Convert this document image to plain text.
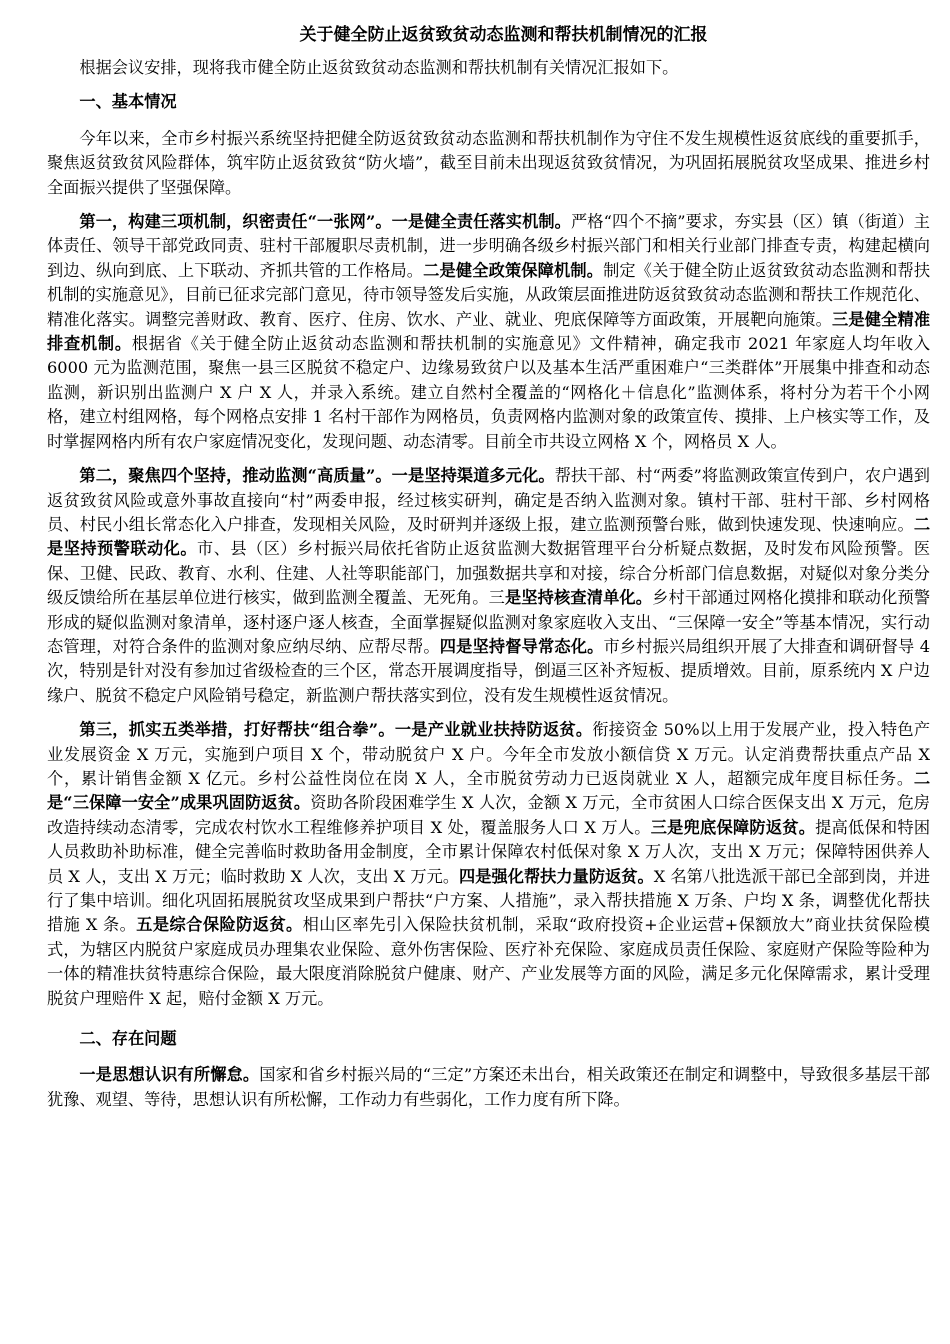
关于健全防止返贫致贫动态监测和帮扶机制情况的汇报

根据会议安排，现将我市健全防止返贫致贫动态监测和帮扶机制有关情况汇报如下。

一、基本情况

今年以来，全市乡村振兴系统坚持把健全防返贫致贫动态监测和帮扶机制作为守住不发生规模性返贫底线的重要抓手，聚焦返贫致贫风险群体，筑牢防止返贫致贫“防火墙”，截至目前未出现返贫致贫情况，为巩固拓展脱贫攻坚成果、推进乡村全面振兴提供了坚强保障。

第一，构建三项机制，织密责任“一张网”。一是健全责任落实机制。严格“四个不摘”要求，夯实县（区）镇（街道）主体责任、领导干部党政同责、驻村干部履职尽责机制，进一步明确各级乡村振兴部门和相关行业部门排查专责，构建起横向到边、纵向到底、上下联动、齐抓共管的工作格局。二是健全政策保障机制。制定《关于健全防止返贫致贫动态监测和帮扶机制的实施意见》，目前已征求完部门意见，待市领导签发后实施，从政策层面推进防返贫致贫动态监测和帮扶工作规范化、精准化落实。调整完善财政、教育、医疗、住房、饮水、产业、就业、兜底保障等方面政策，开展靶向施策。三是健全精准排查机制。根据省《关于健全防止返贫动态监测和帮扶机制的实施意见》文件精神，确定我市 2021 年家庭人均年收入 6000 元为监测范围，聚焦一县三区脱贫不稳定户、边缘易致贫户以及基本生活严重困难户“三类群体”开展集中排查和动态监测，新识别出监测户 X 户 X 人，并录入系统。建立自然村全覆盖的“网格化＋信息化”监测体系，将村分为若干个小网格，建立村组网格，每个网格点安排 1 名村干部作为网格员，负责网格内监测对象的政策宣传、摸排、上户核实等工作，及时掌握网格内所有农户家庭情况变化，发现问题、动态清零。目前全市共设立网格 X 个，网格员 X 人。

第二，聚焦四个坚持，推动监测“高质量”。一是坚持渠道多元化。帮扶干部、村“两委”将监测政策宣传到户，农户遇到返贫致贫风险或意外事故直接向“村”两委申报，经过核实研判，确定是否纳入监测对象。镇村干部、驻村干部、乡村网格员、村民小组长常态化入户排查，发现相关风险，及时研判并逐级上报，建立监测预警台账，做到快速发现、快速响应。二是坚持预警联动化。市、县（区）乡村振兴局依托省防止返贫监测大数据管理平台分析疑点数据，及时发布风险预警。医保、卫健、民政、教育、水利、住建、人社等职能部门，加强数据共享和对接，综合分析部门信息数据，对疑似对象分类分级反馈给所在基层单位进行核实，做到监测全覆盖、无死角。三是坚持核查清单化。乡村干部通过网格化摸排和联动化预警形成的疑似监测对象清单，逐村逐户逐人核查，全面掌握疑似监测对象家庭收入支出、“三保障一安全”等基本情况，实行动态管理，对符合条件的监测对象应纳尽纳、应帮尽帮。四是坚持督导常态化。市乡村振兴局组织开展了大排查和调研督导 4 次，特别是针对没有参加过省级检查的三个区，常态开展调度指导，倒逼三区补齐短板、提质增效。目前，原系统内 X 户边缘户、脱贫不稳定户风险销号稳定，新监测户帮扶落实到位，没有发生规模性返贫情况。

第三，抓实五类举措，打好帮扶“组合拳”。一是产业就业扶持防返贫。衔接资金 50%以上用于发展产业，投入特色产业发展资金 X 万元，实施到户项目 X 个，带动脱贫户 X 户。今年全市发放小额信贷 X 万元。认定消费帮扶重点产品 X 个，累计销售金额 X 亿元。乡村公益性岗位在岗 X 人，全市脱贫劳动力已返岗就业 X 人，超额完成年度目标任务。二是“三保障一安全”成果巩固防返贫。资助各阶段困难学生 X 人次，金额 X 万元，全市贫困人口综合医保支出 X 万元，危房改造持续动态清零，完成农村饮水工程维修养护项目 X 处，覆盖服务人口 X 万人。三是兜底保障防返贫。提高低保和特困人员救助补助标准，健全完善临时救助备用金制度，全市累计保障农村低保对象 X 万人次，支出 X 万元；保障特困供养人员 X 人，支出 X 万元；临时救助 X 人次，支出 X 万元。四是强化帮扶力量防返贫。X 名第八批选派干部已全部到岗，并进行了集中培训。细化巩固拓展脱贫攻坚成果到户帮扶“户方案、人措施”，录入帮扶措施 X 万条、户均 X 条，调整优化帮扶措施 X 条。五是综合保险防返贫。相山区率先引入保险扶贫机制，采取“政府投资+企业运营+保额放大”商业扶贫保险模式，为辖区内脱贫户家庭成员办理集农业保险、意外伤害保险、医疗补充保险、家庭成员责任保险、家庭财产保险等险种为一体的精准扶贫特惠综合保险，最大限度消除脱贫户健康、财产、产业发展等方面的风险，满足多元化保障需求，累计受理脱贫户理赔件 X 起，赔付金额 X 万元。

二、存在问题

一是思想认识有所懈怠。国家和省乡村振兴局的“三定”方案还未出台，相关政策还在制定和调整中，导致很多基层干部犹豫、观望、等待，思想认识有所松懈，工作动力有些弱化，工作力度有所下降。
